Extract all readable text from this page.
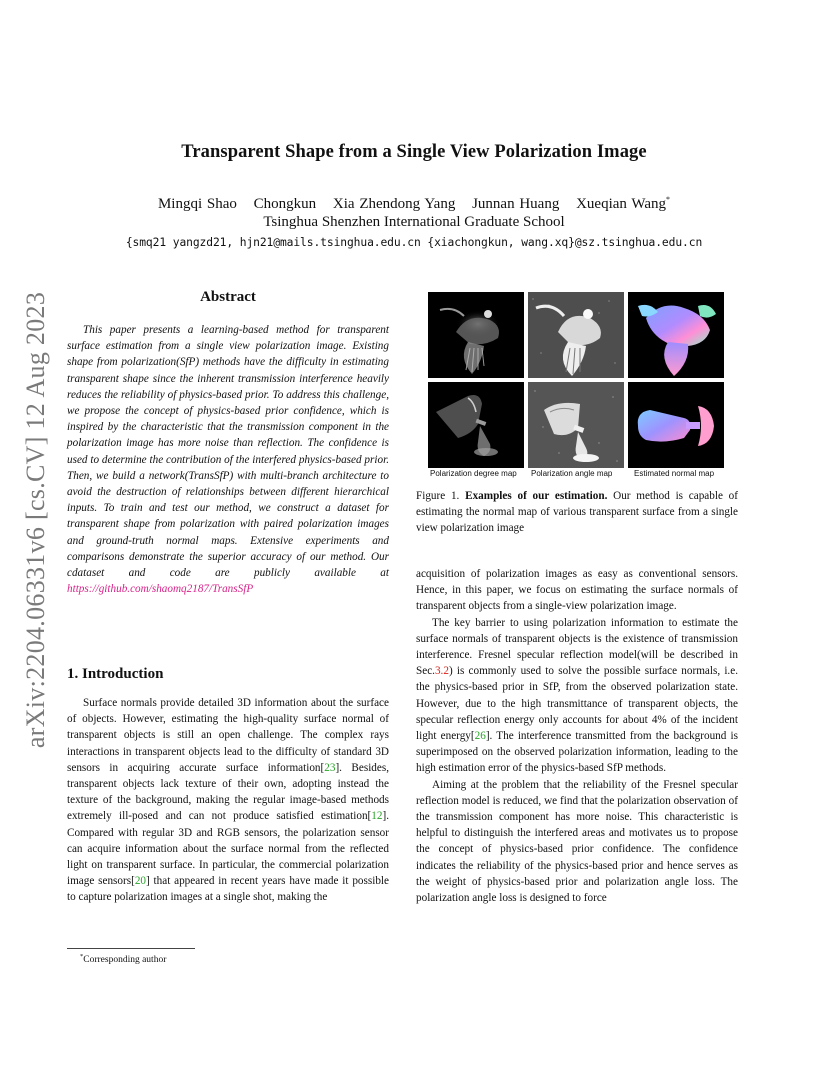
Transparent Shape from a Single View Polarization Image
Mingqi Shao Chongkun Xia Zhendong Yang Junnan Huang Xueqian Wang*
Tsinghua Shenzhen International Graduate School
{smq21 yangzd21, hjn21@mails.tsinghua.edu.cn {xiachongkun, wang.xq}@sz.tsinghua.edu.cn
arXiv:2204.06331v6 [cs.CV] 12 Aug 2023	Abstract
This paper presents a learning-based method for transparent surface estimation from a single view polarization image. Existing shape from polarization(SfP) methods have the difficulty in estimating transparent shape since the inherent transmission interference heavily reduces the reliability of physics-based prior. To address this challenge, we propose the concept of physics-based prior confidence, which is inspired by the characteristic that the transmission component in the polarization image has more noise than reflection. The confidence is used to determine the contribution of the interfered physics-based prior. Then, we build a network(TransSfP) with multi-branch architecture to avoid the destruction of relationships between different hierarchical inputs. To train and test our method, we construct a dataset for transparent shape from polarization with paired polarization images and ground-truth normal maps. Extensive experiments and comparisons demonstrate the superior accuracy of our method. Our cdataset and code are publicly available at https://github.com/shaomq2187/TransSfP
1. Introduction

Surface normals provide detailed 3D information about the surface of objects. However, estimating the high-quality surface normal of transparent objects is still an open challenge. The complex rays interactions in transparent objects lead to the difficulty of standard 3D sensors in acquiring accurate surface information[23]. Besides, transparent objects lack texture of their own, adopting instead the texture of the background, making the regular image-based methods extremely ill-posed and can not produce satisfied estimation[12]. Compared with regular 3D and RGB sensors, the polarization sensor can acquire information about the surface normal from the reflected light on transparent surface. In particular, the commercial polarization image sensors[20] that appeared in recent years have made it possible to capture polarization images at a single shot, making the

*Corresponding author
Polarization degree map Polarization angle map	Estimated normal map
Figure 1. Examples of our estimation. Our method is capable of estimating the normal map of various transparent surface from a single view polarization image

acquisition of polarization images as easy as conventional sensors. Hence, in this paper, we focus on estimating the surface normals of transparent objects from a single-view polarization image.

The key barrier to using polarization information to estimate the surface normals of transparent objects is the existence of transmission interference. Fresnel specular reflection model(will be described in Sec.3.2) is commonly used to solve the possible surface normals, i.e. the physics-based prior in SfP, from the observed polarization state. However, due to the high transmittance of transparent objects, the specular reflection energy only accounts for about 4% of the incident light energy[26]. The interference transmitted from the background is superimposed on the observed polarization information, leading to the high estimation error of the physics-based SfP methods.

Aiming at the problem that the reliability of the Fresnel specular reflection model is reduced, we find that the polarization observation of the transmission component has more noise. This characteristic is helpful to distinguish the interfered areas and motivates us to propose the concept of physics-based prior confidence. The confidence indicates the reliability of the physics-based prior and hence serves as the weight of physics-based prior and polarization angle loss. The polarization angle loss is designed to force
